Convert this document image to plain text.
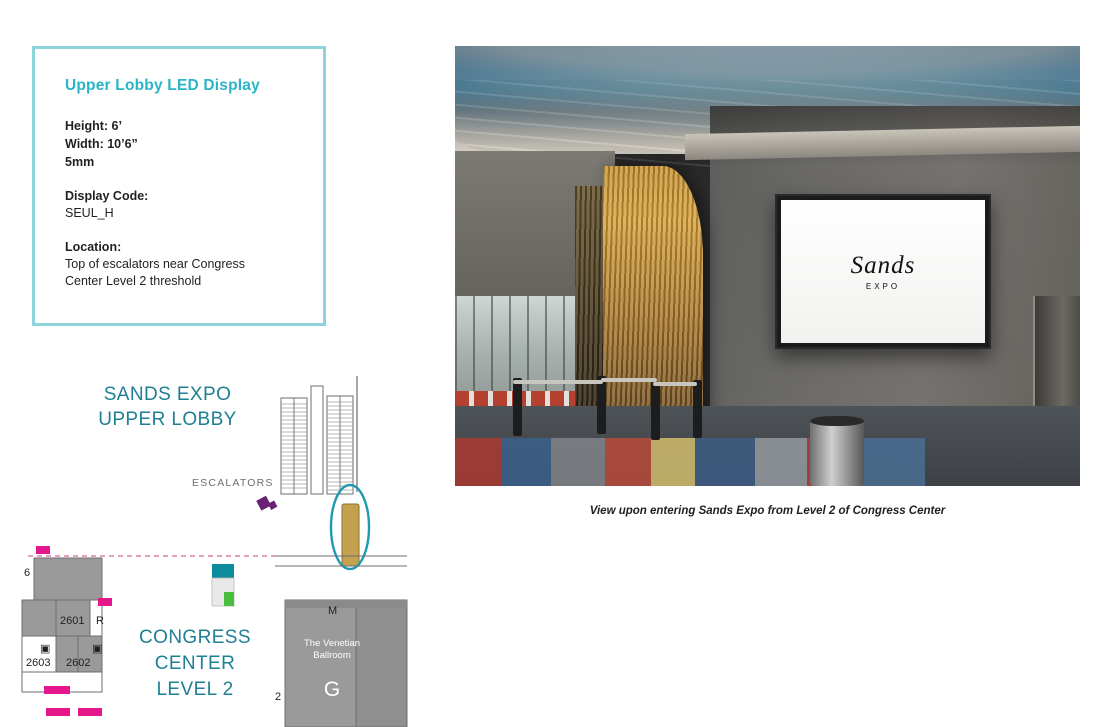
Upper Lobby LED Display
Height: 6’
Width: 10’6”
5mm
Display Code:
SEUL_H
Location:
Top of escalators near Congress
Center Level 2 threshold
Sands
EXPO
View upon entering Sands Expo from Level 2 of Congress Center
SANDS EXPO
UPPER LOBBY
CONGRESS
CENTER
LEVEL 2
2601
2603 2602
R
6
▣	▣
M
2
ESCALATORS
The Venetian
Ballroom
G
